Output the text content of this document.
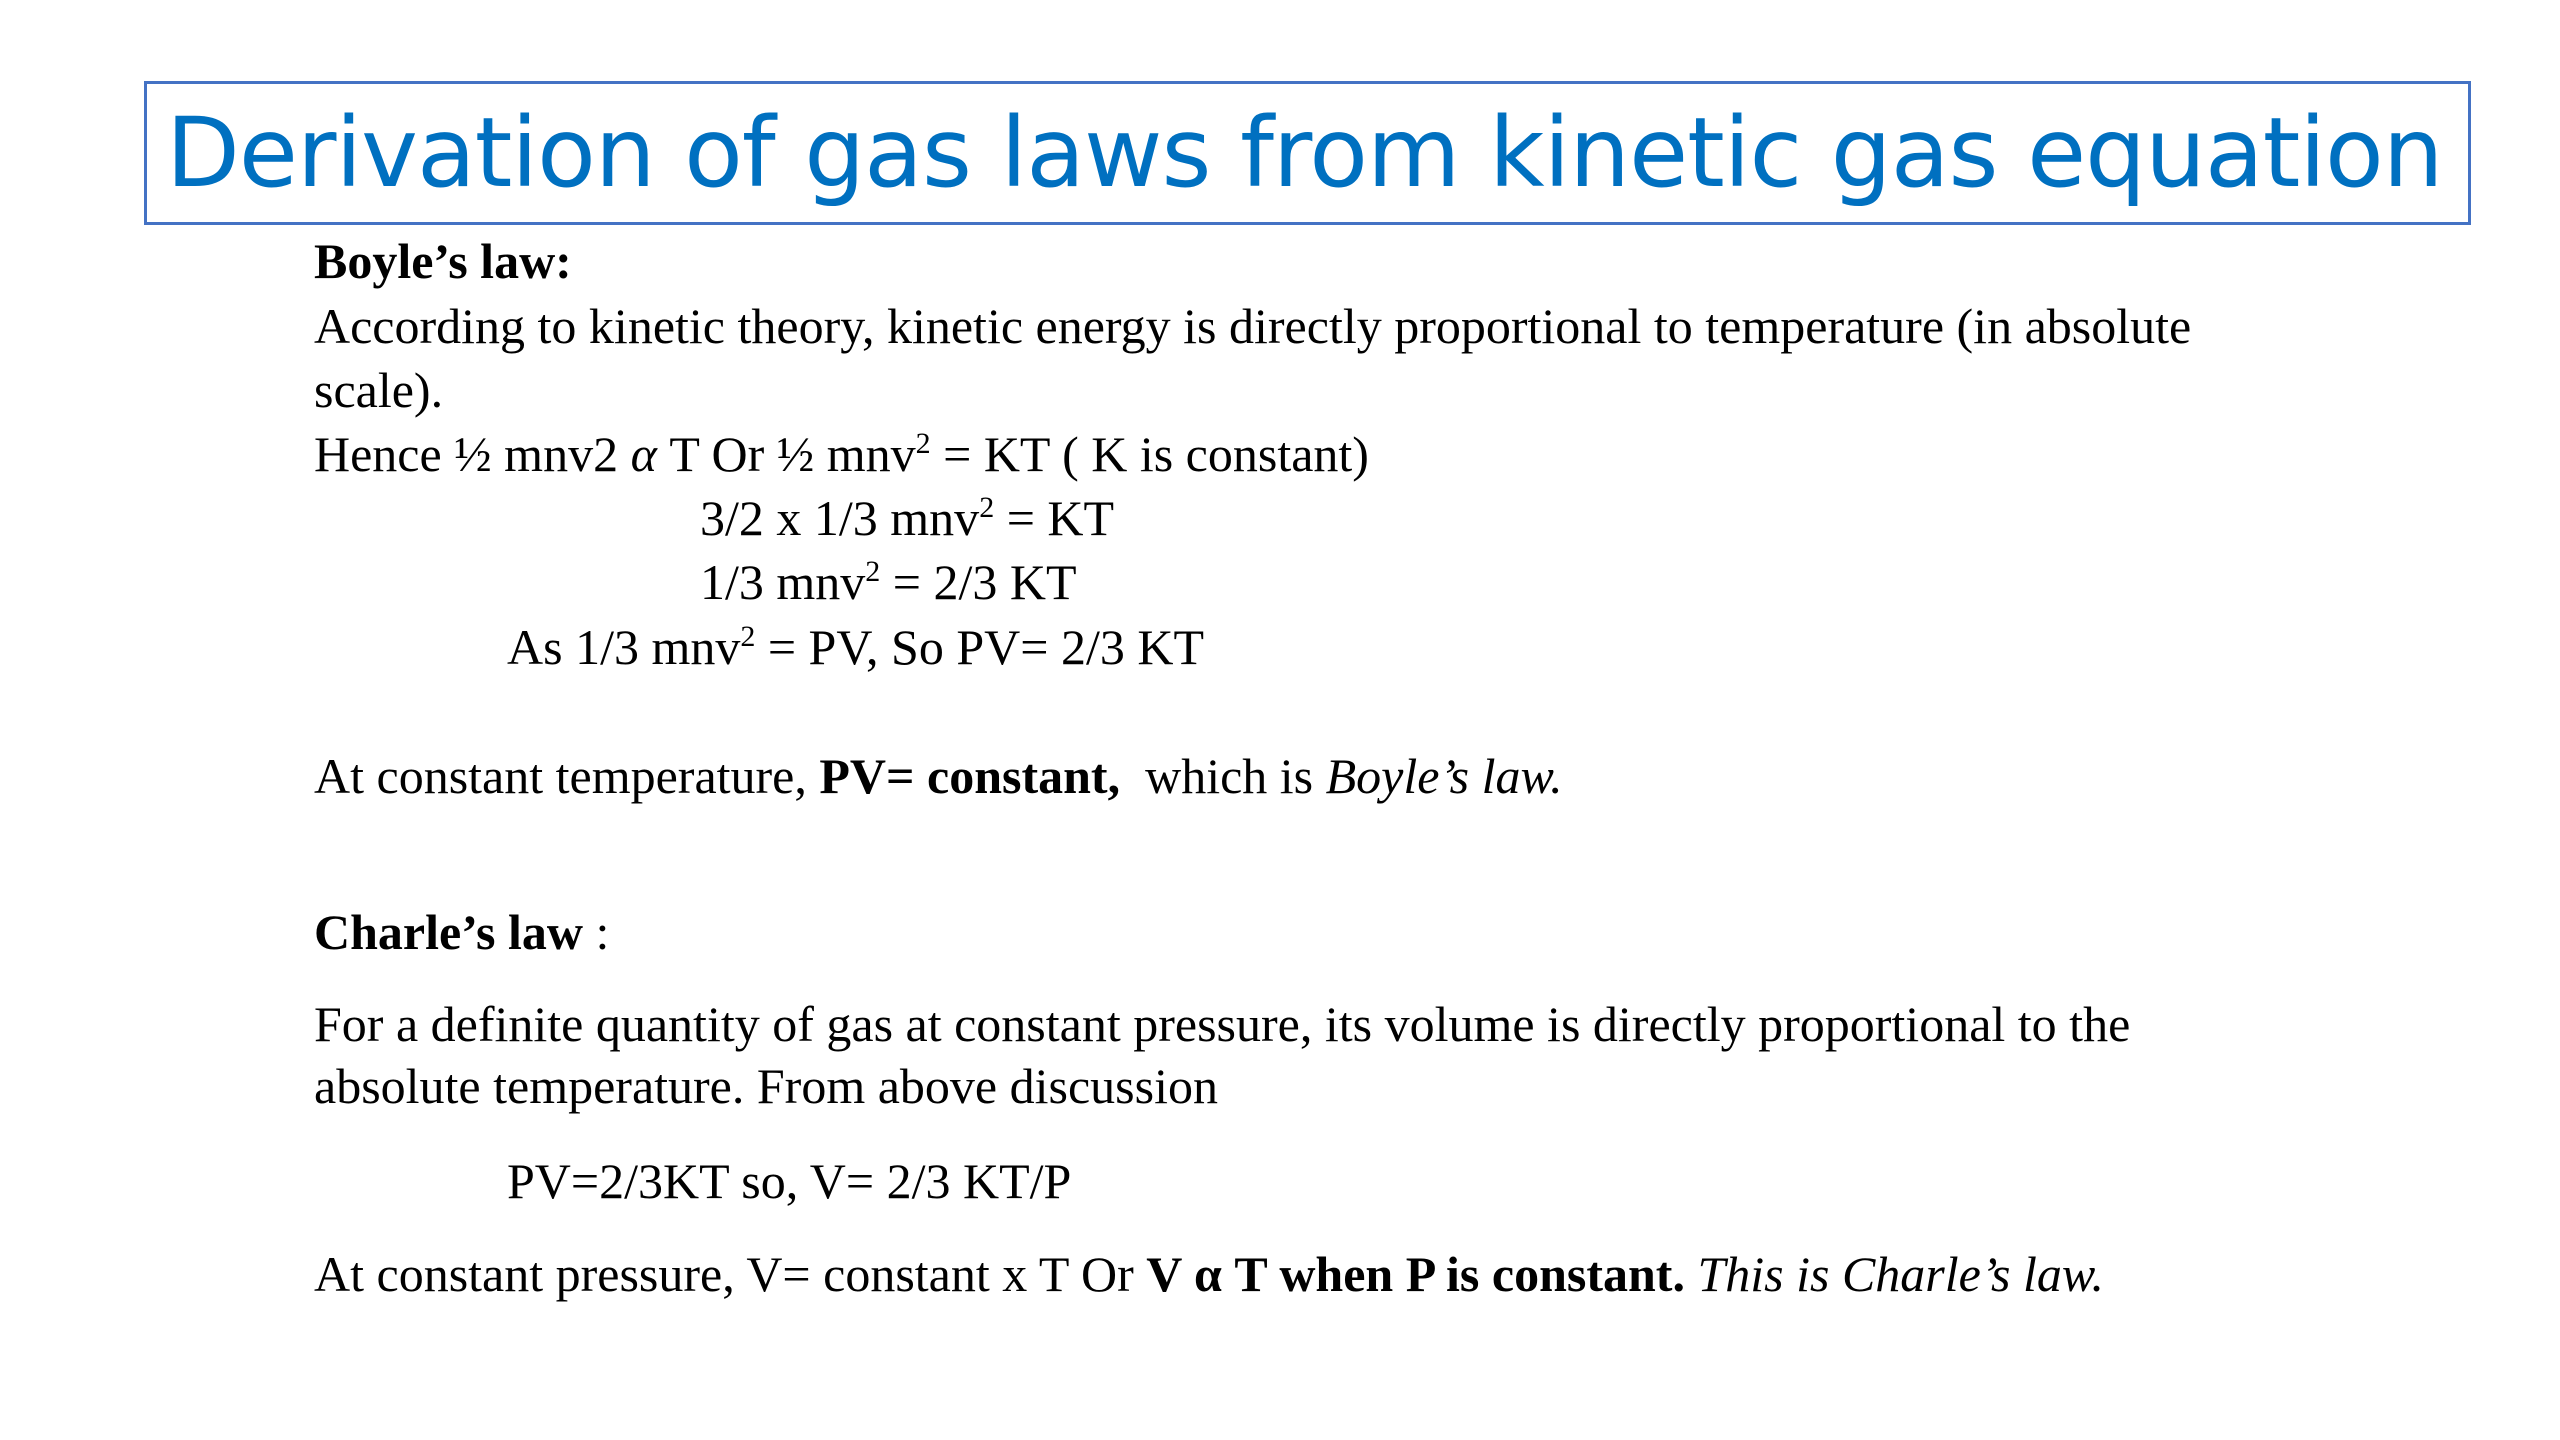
Derivation of gas laws from kinetic gas equation
Boyle’s law:
According to kinetic theory, kinetic energy is directly proportional to temperature (in absolute
scale).
Hence ½ mnv2 α T Or ½ mnv$^2$ = KT ( K is constant)
3/2 x 1/3 mnv$^2$ = KT
1/3 mnv$^2$ = 2/3 KT
As 1/3 mnv$^2$ = PV, So PV= 2/3 KT
At constant temperature, PV= constant,  which is Boyle’s law.
Charle’s law :
For a definite quantity of gas at constant pressure, its volume is directly proportional to the
absolute temperature. From above discussion
PV=2/3KT so, V= 2/3 KT/P
At constant pressure, V= constant x T Or V α T when P is constant. This is Charle’s law.
